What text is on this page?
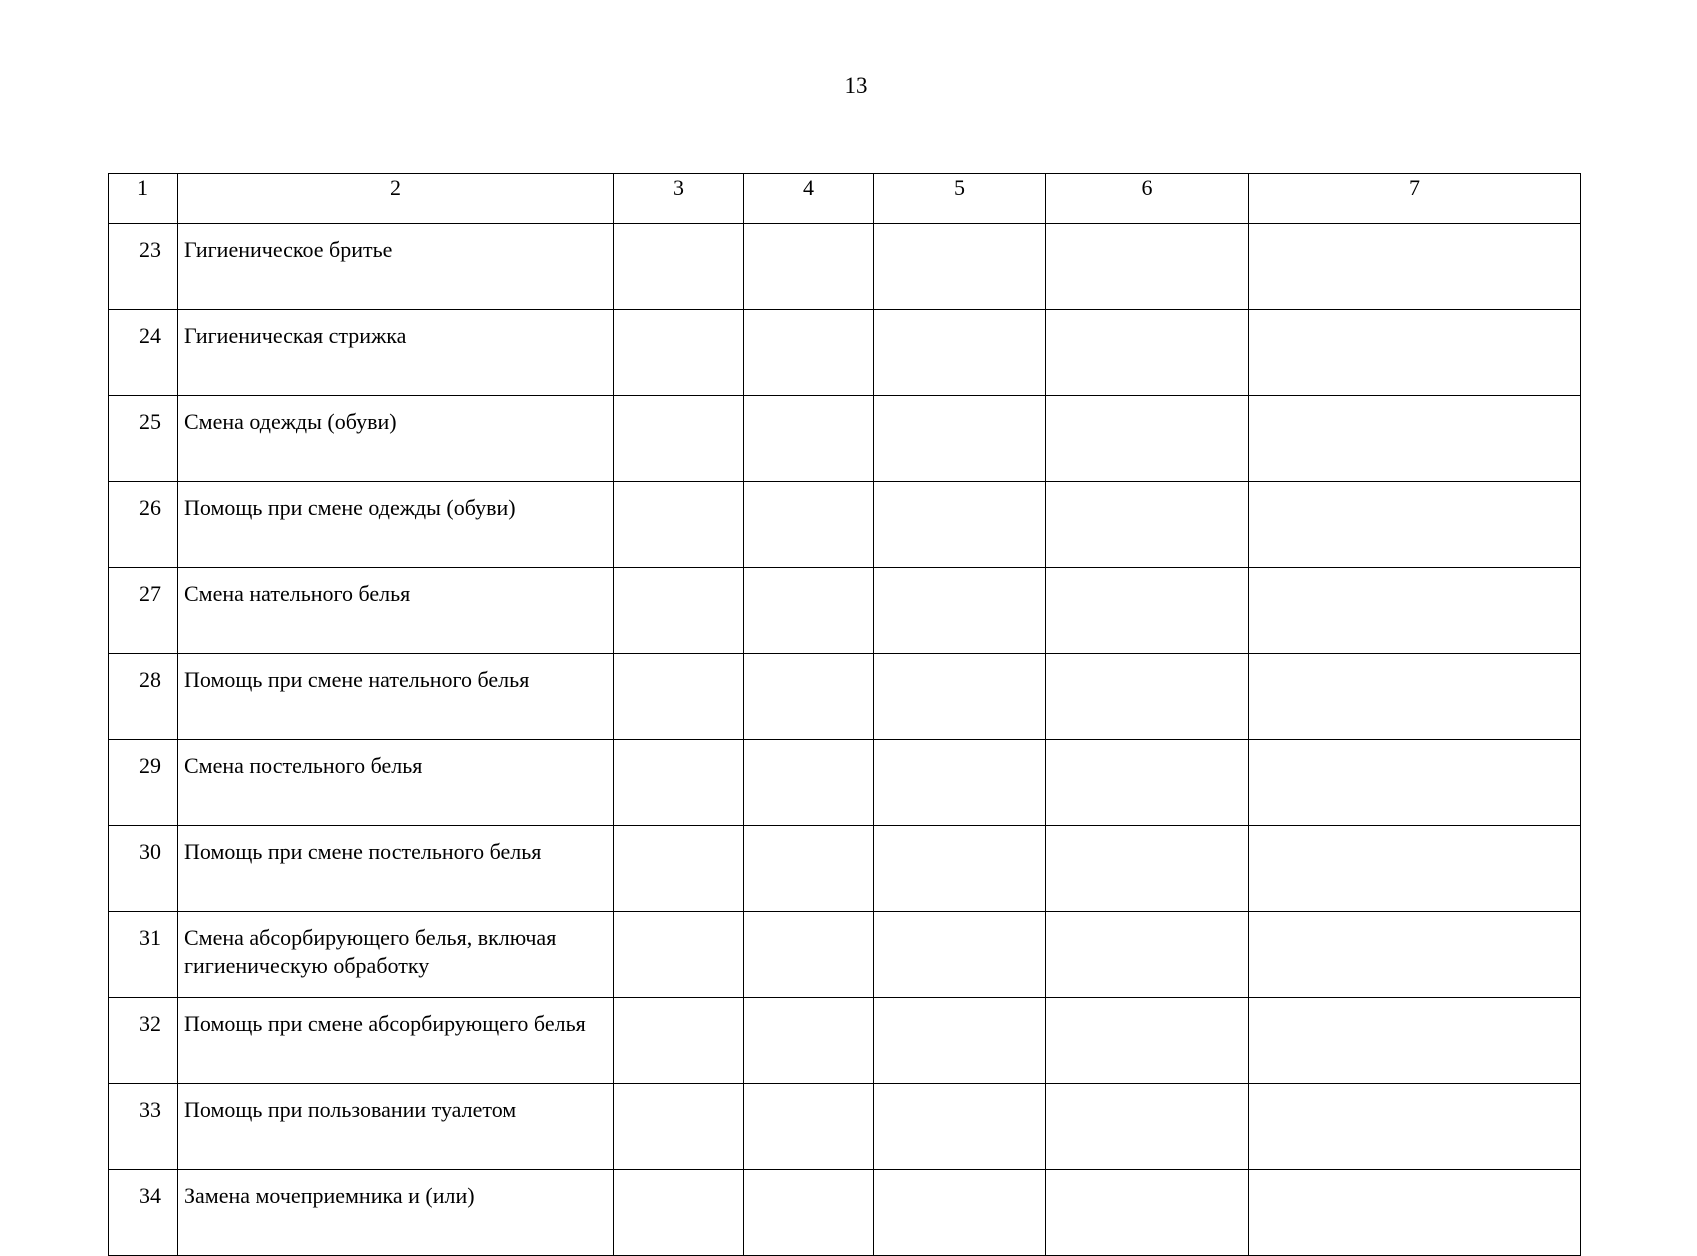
13
1	2	3	4	5	6	7
23	Гигиеническое бритье					
24	Гигиеническая стрижка					
25	Смена одежды (обуви)					
26	Помощь при смене одежды (обуви)					
27	Смена нательного белья					
28	Помощь при смене нательного белья					
29	Смена постельного белья					
30	Помощь при смене постельного белья					
31	Смена абсорбирующего белья, включая гигиеническую обработку					
32	Помощь при смене абсорбирующего белья					
33	Помощь при пользовании туалетом					
34	Замена мочеприемника и (или)					
